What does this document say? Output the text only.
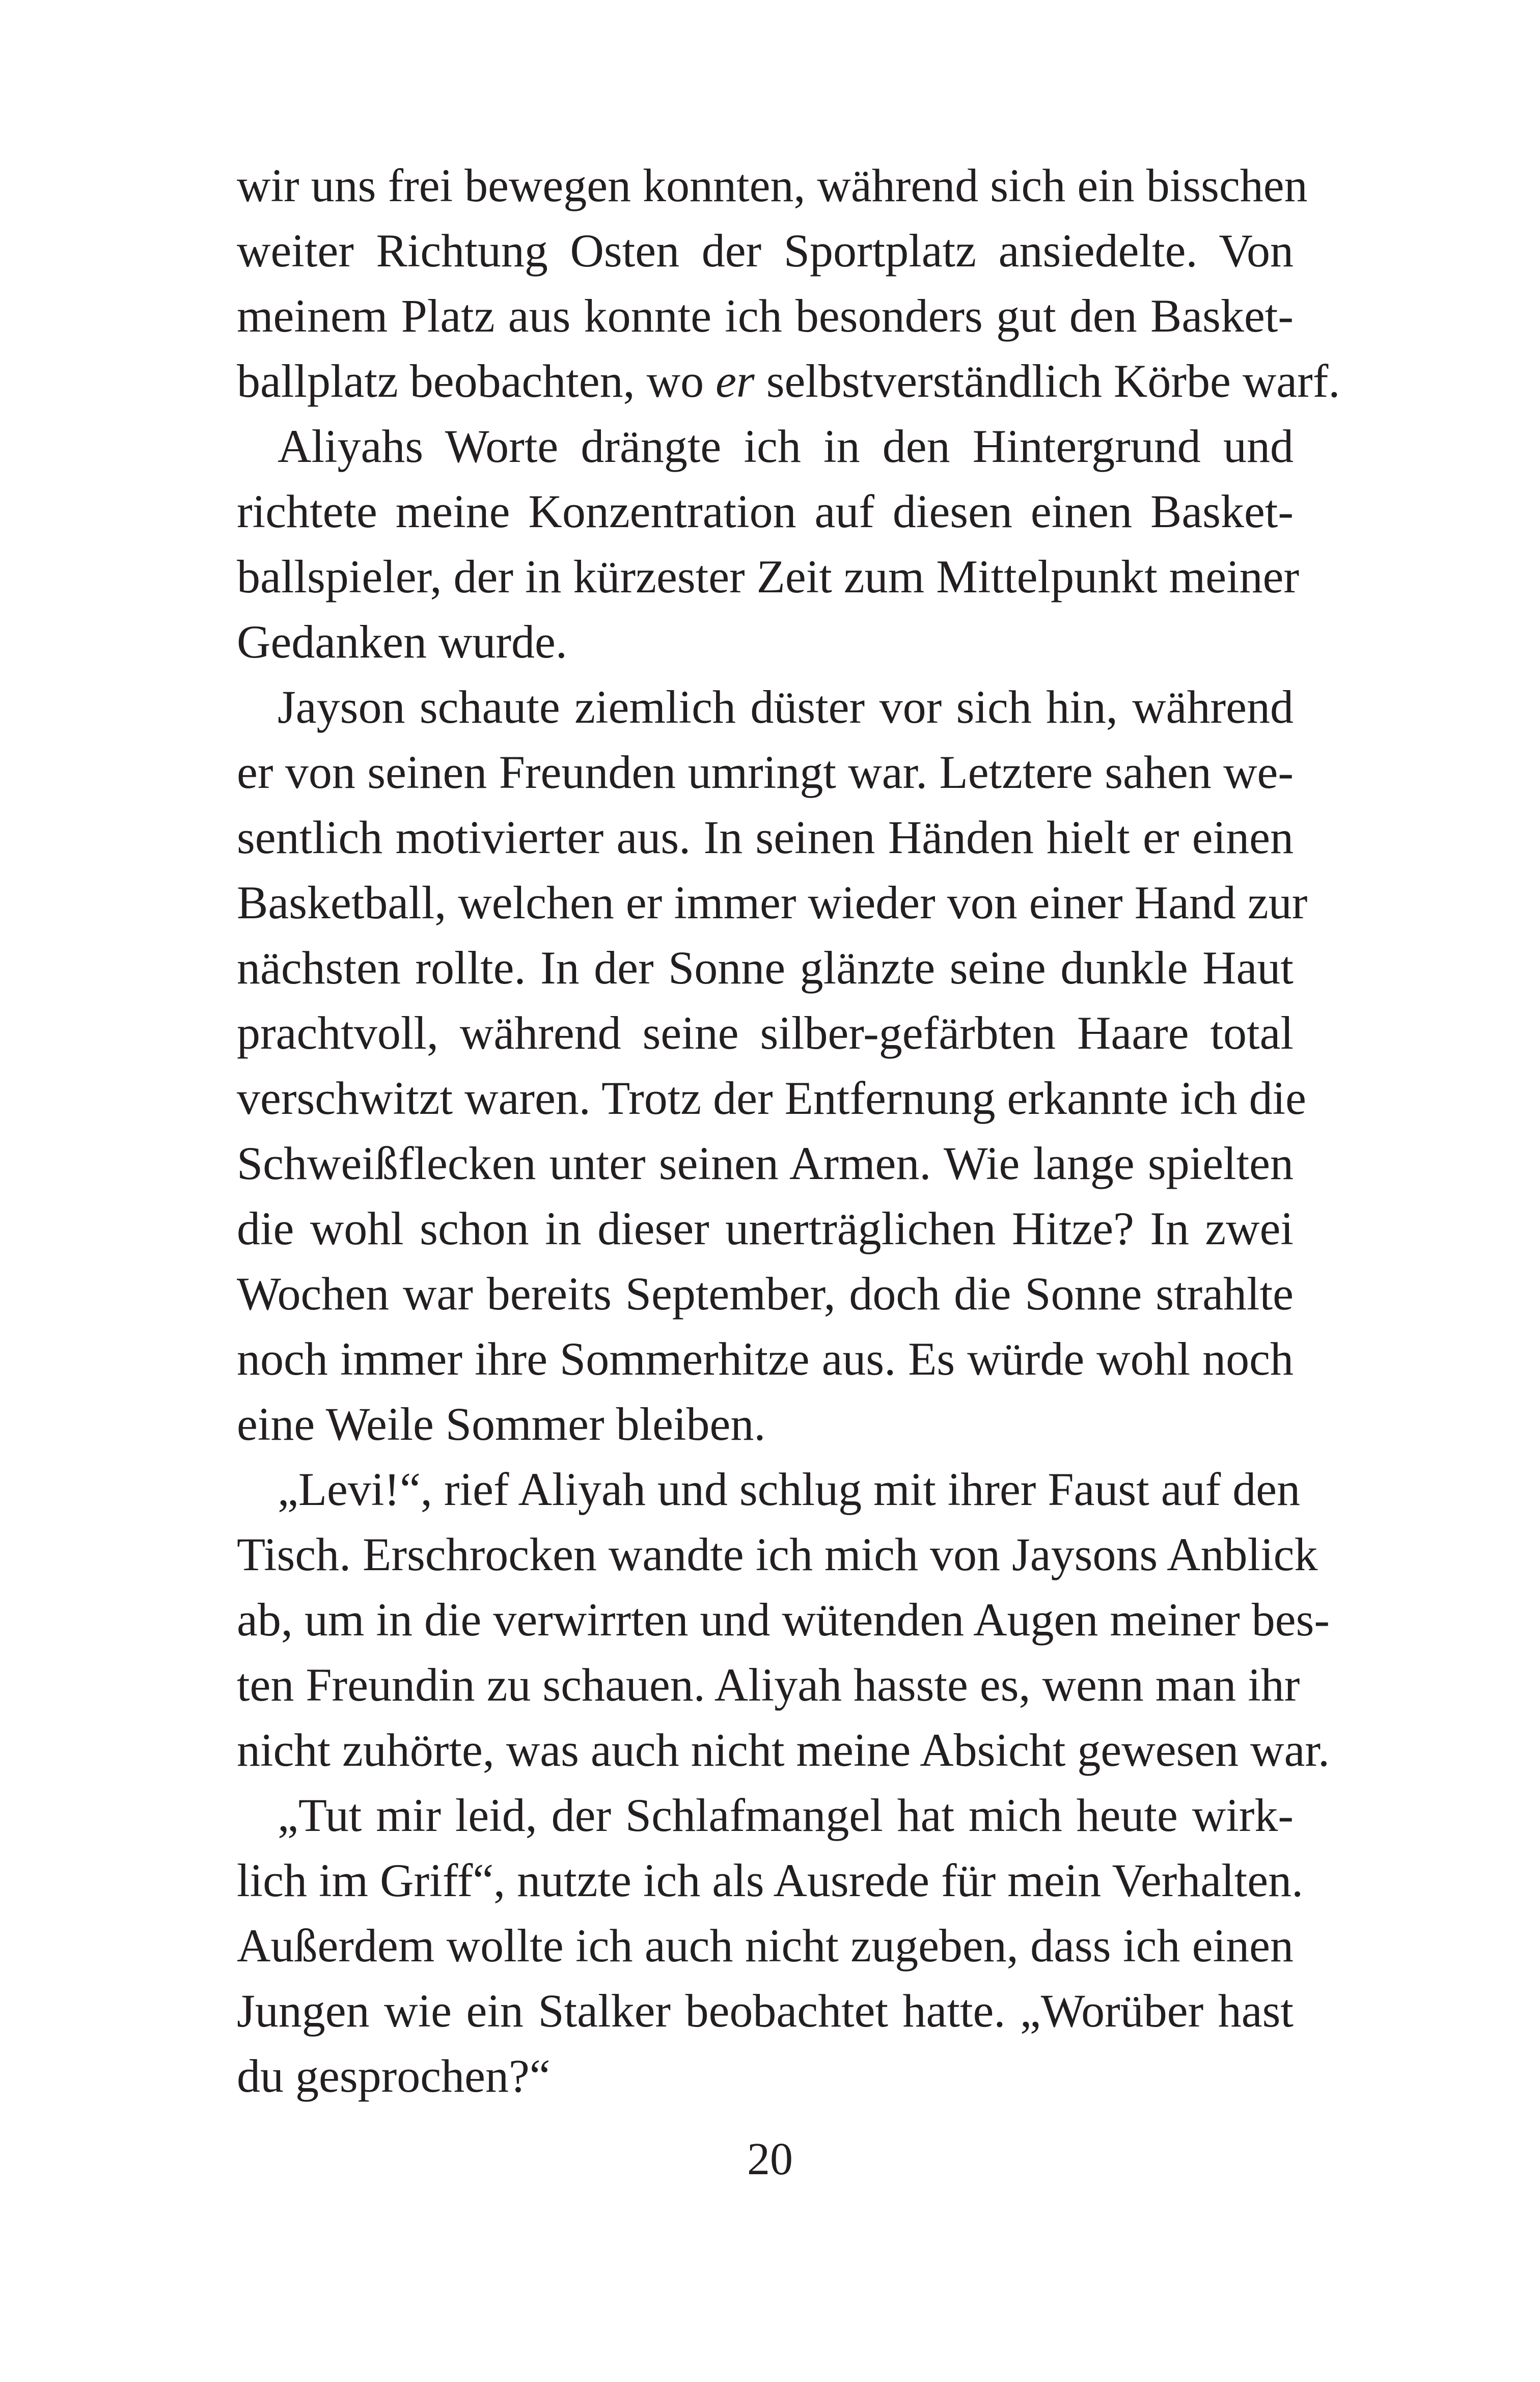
wir uns frei bewegen konnten, während sich ein bisschen
weiter Richtung Osten der Sportplatz ansiedelte. Von
meinem Platz aus konnte ich besonders gut den Basket-
ballplatz beobachten, wo er selbstverständlich Körbe warf.
Aliyahs Worte drängte ich in den Hintergrund und
richtete meine Konzentration auf diesen einen Basket-
ballspieler, der in kürzester Zeit zum Mittelpunkt meiner
Gedanken wurde.
Jayson schaute ziemlich düster vor sich hin, während
er von seinen Freunden umringt war. Letztere sahen we-
sentlich motivierter aus. In seinen Händen hielt er einen
Basketball, welchen er immer wieder von einer Hand zur
nächsten rollte. In der Sonne glänzte seine dunkle Haut
prachtvoll, während seine silber-gefärbten Haare total
verschwitzt waren. Trotz der Entfernung erkannte ich die
Schweißflecken unter seinen Armen. Wie lange spielten
die wohl schon in dieser unerträglichen Hitze? In zwei
Wochen war bereits September, doch die Sonne strahlte
noch immer ihre Sommerhitze aus. Es würde wohl noch
eine Weile Sommer bleiben.
„Levi!“, rief Aliyah und schlug mit ihrer Faust auf den
Tisch. Erschrocken wandte ich mich von Jaysons Anblick
ab, um in die verwirrten und wütenden Augen meiner bes-
ten Freundin zu schauen. Aliyah hasste es, wenn man ihr
nicht zuhörte, was auch nicht meine Absicht gewesen war.
„Tut mir leid, der Schlafmangel hat mich heute wirk-
lich im Griff“, nutzte ich als Ausrede für mein Verhalten.
Außerdem wollte ich auch nicht zugeben, dass ich einen
Jungen wie ein Stalker beobachtet hatte. „Worüber hast
du gesprochen?“
20
